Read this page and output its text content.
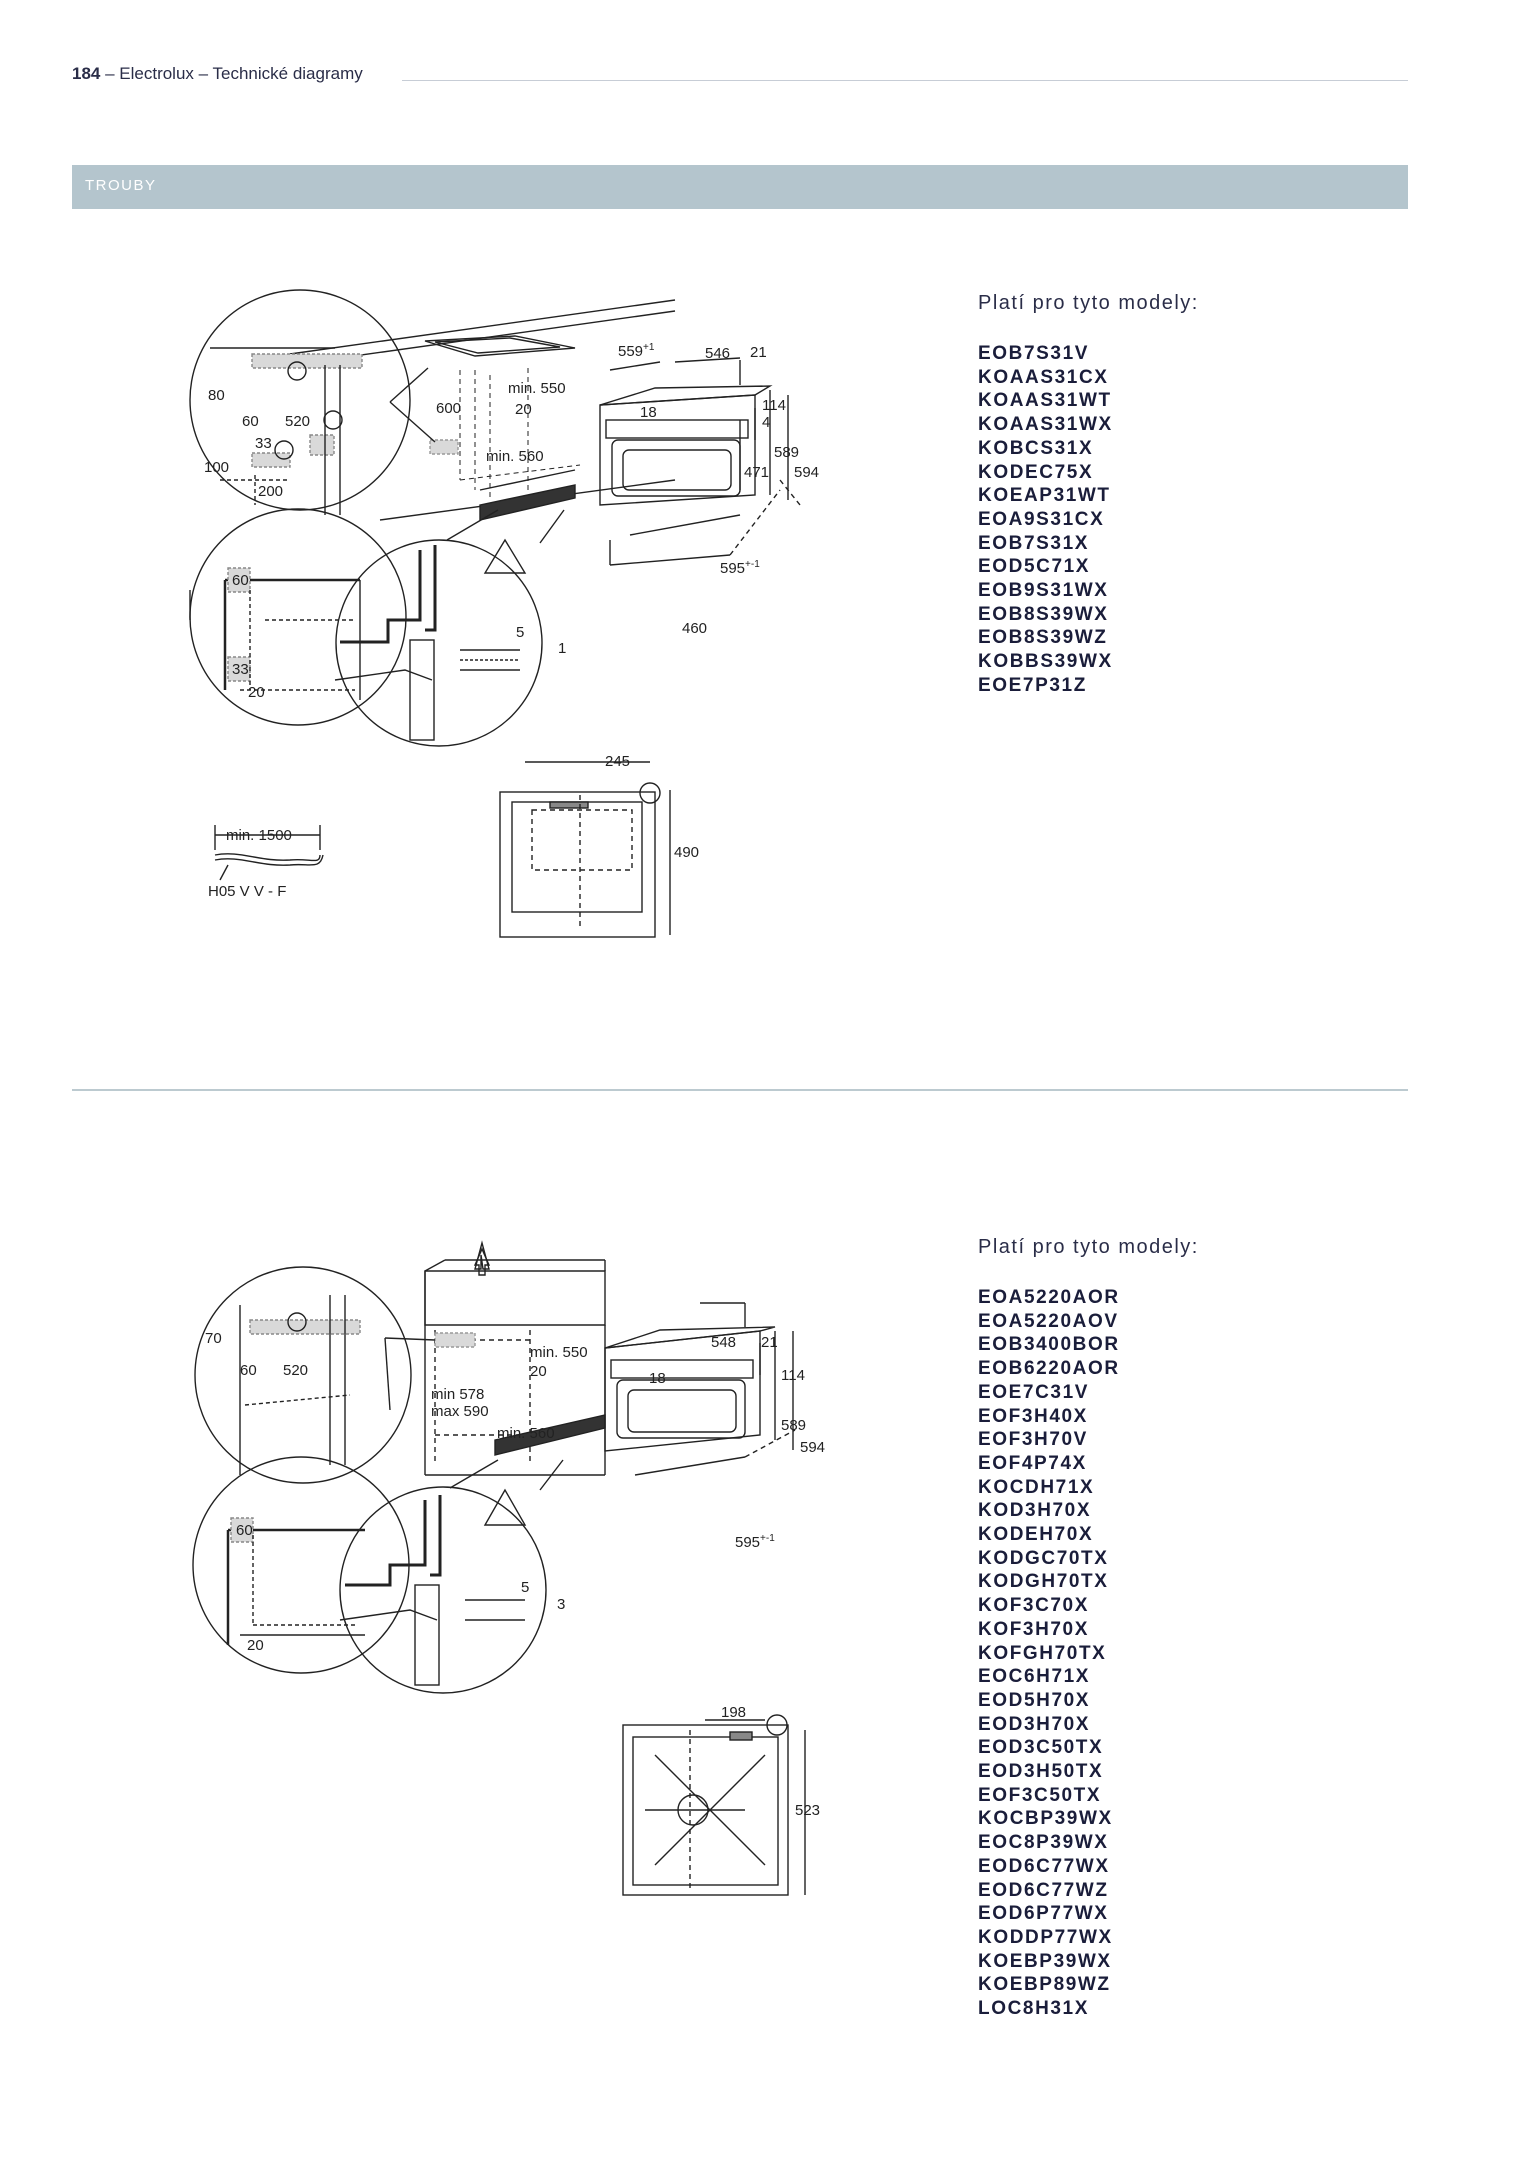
184 – Electrolux – Technické diagramy
TROUBY
80
60 520
33
100
200
600
min. 550
20
min. 560
$559^{+1}$	546 21
18	114
4
589
471 594
$595^{+-1}$
460
60
33
20
5
1
245
490
min. 1500
H05 V V - F
Platí pro tyto modely:
EOB7S31V
KOAAS31CX
KOAAS31WT
KOAAS31WX
KOBCS31X
KODEC75X
KOEAP31WT
EOA9S31CX
EOB7S31X
EOD5C71X
EOB9S31WX
EOB8S39WX
EOB8S39WZ
KOBBS39WX
EOE7P31Z
70
60 520
min 578
max 590
min. 550
20
min. 560
548 21
18	114
589
594
$595^{+-1}$
60
20
5
3
198
523
Platí pro tyto modely:
EOA5220AOR
EOA5220AOV
EOB3400BOR
EOB6220AOR
EOE7C31V
EOF3H40X
EOF3H70V
EOF4P74X
KOCDH71X
KOD3H70X
KODEH70X
KODGC70TX
KODGH70TX
KOF3C70X
KOF3H70X
KOFGH70TX
EOC6H71X
EOD5H70X
EOD3H70X
EOD3C50TX
EOD3H50TX
EOF3C50TX
KOCBP39WX
EOC8P39WX
EOD6C77WX
EOD6C77WZ
EOD6P77WX
KODDP77WX
KOEBP39WX
KOEBP89WZ
LOC8H31X
